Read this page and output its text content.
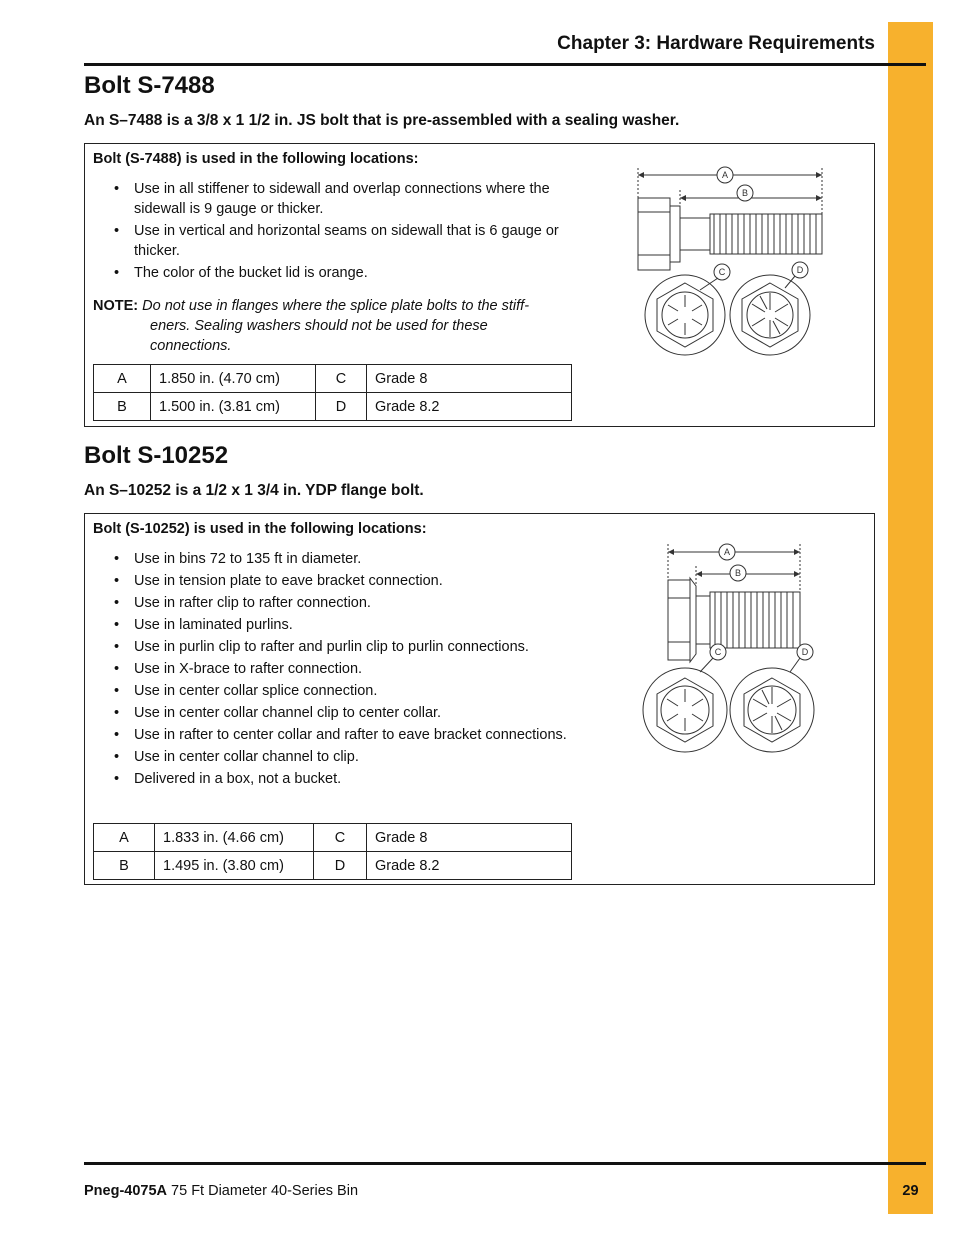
Chapter 3: Hardware Requirements
Bolt S-7488

An S–7488 is a 3/8 x 1 1/2 in. JS bolt that is pre-assembled with a sealing washer.

Bolt (S-7488) is used in the following locations:
• Use in all stiffener to sidewall and overlap connections where the sidewall is 9 gauge or thicker.
• Use in vertical and horizontal seams on sidewall that is 6 gauge or thicker.
• The color of the bucket lid is orange.
NOTE: Do not use in flanges where the splice plate bolts to the stiff-
eners. Sealing washers should not be used for these
connections.
A	1.850 in. (4.70 cm)	C	Grade 8
B	1.500 in. (3.81 cm)	D	Grade 8.2
A
B
C	D
Bolt S-10252

An S–10252 is a 1/2 x 1 3/4 in. YDP flange bolt.

Bolt (S-10252) is used in the following locations:
• Use in bins 72 to 135 ft in diameter.
• Use in tension plate to eave bracket connection.
• Use in rafter clip to rafter connection.
• Use in laminated purlins.
• Use in purlin clip to rafter and purlin clip to purlin connections.
• Use in X-brace to rafter connection.
• Use in center collar splice connection.
• Use in center collar channel clip to center collar.
• Use in rafter to center collar and rafter to eave bracket connections.
• Use in center collar channel to clip.
• Delivered in a box, not a bucket.
A	1.833 in. (4.66 cm)	C	Grade 8
B	1.495 in. (3.80 cm)	D	Grade 8.2
A
B
C	D
Pneg-4075A 75 Ft Diameter 40-Series Bin	29
